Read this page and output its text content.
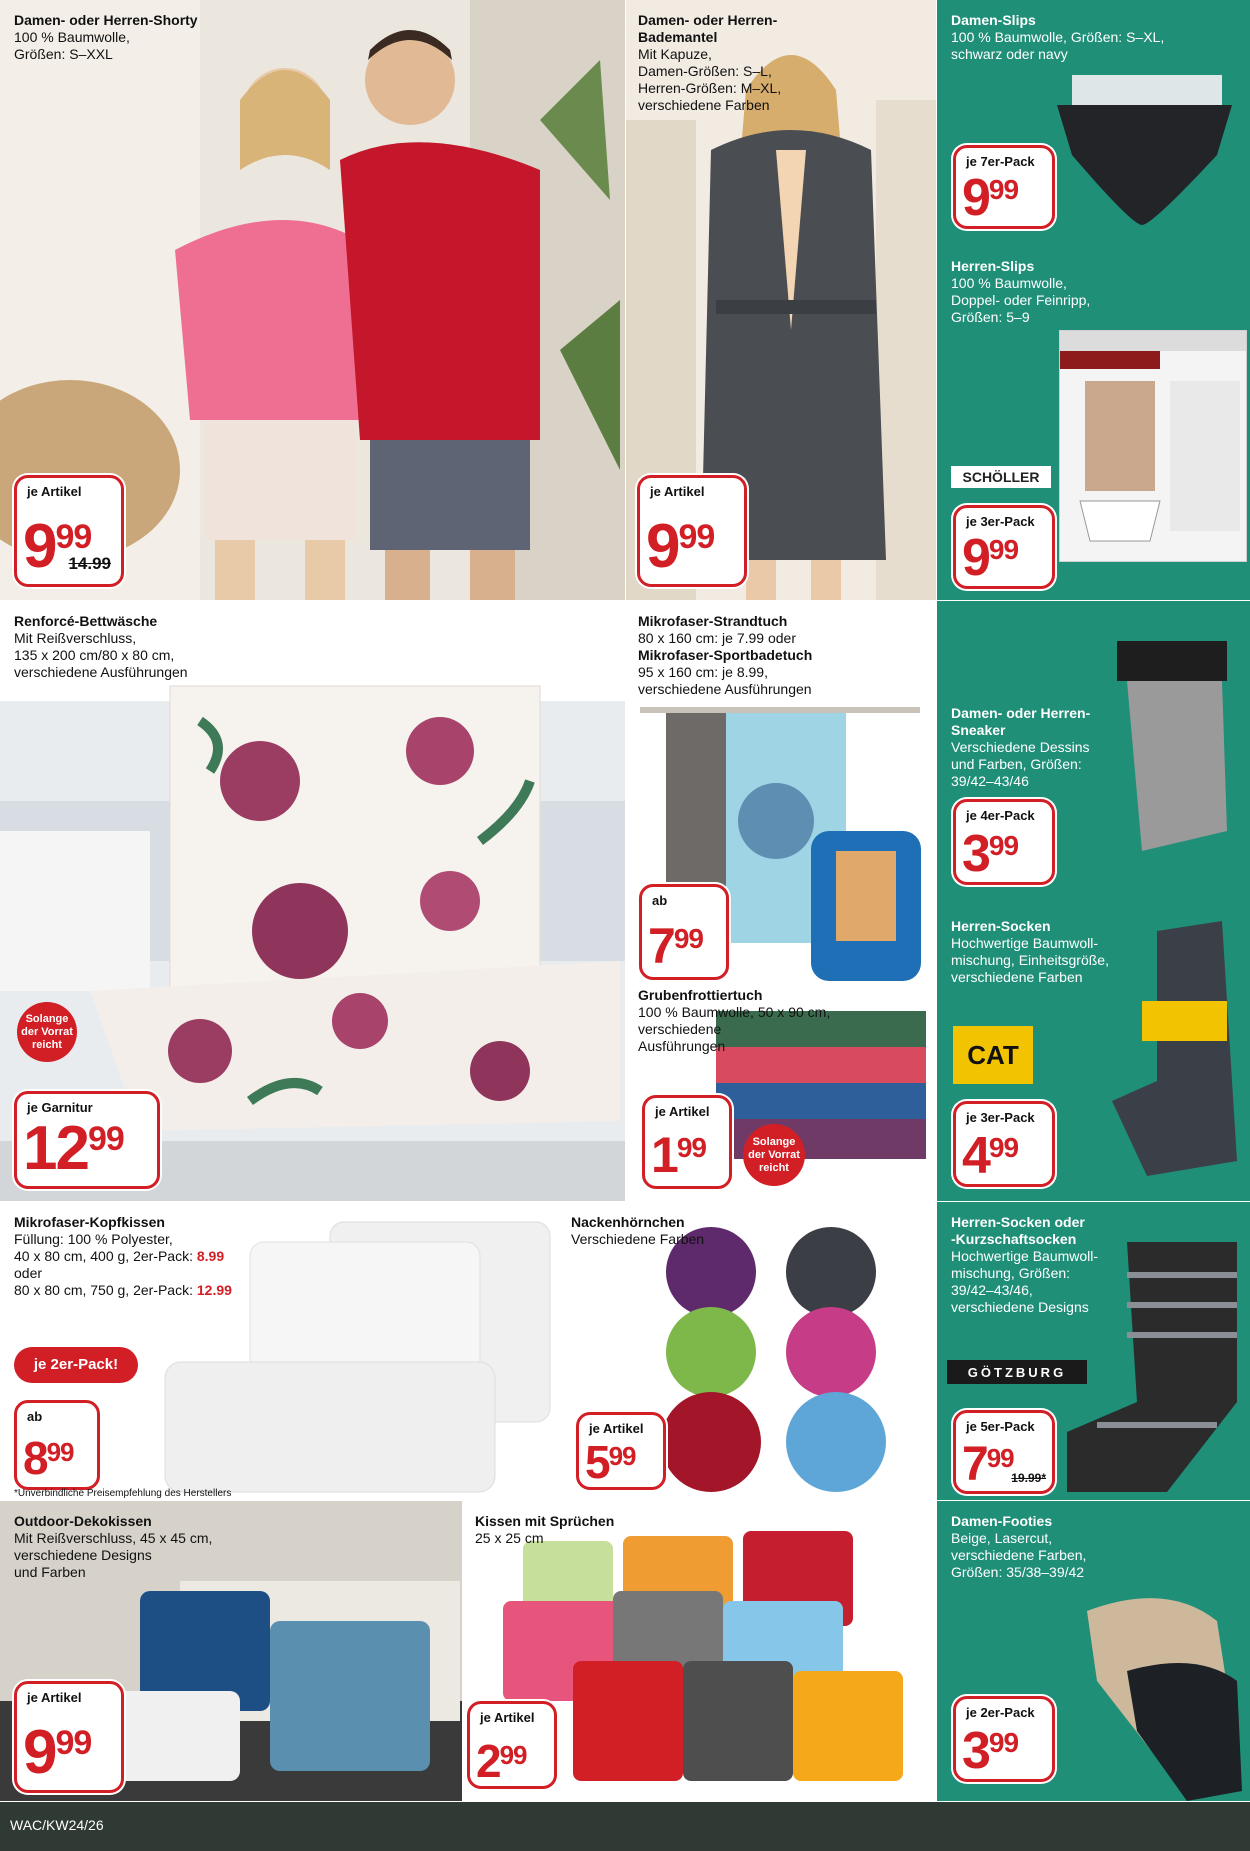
Damen- oder Herren-Shorty
100 % Baumwolle,
Größen: S–XXL
je Artikel
999
14.99
Damen- oder Herren-
Bademantel
Mit Kapuze,
Damen-Größen: S–L,
Herren-Größen: M–XL,
verschiedene Farben
je Artikel
999
Damen-Slips
100 % Baumwolle, Größen: S–XL,
schwarz oder navy
je 7er-Pack
999
Herren-Slips
100 % Baumwolle,
Doppel- oder Feinripp,
Größen: 5–9
SCHÖLLER
je 3er-Pack
999
Renforcé-Bettwäsche
Mit Reißverschluss,
135 x 200 cm/80 x 80 cm,
verschiedene Ausführungen
Solange
der Vorrat
reicht
je Garnitur
1299
Mikrofaser-Strandtuch
80 x 160 cm: je 7.99 oder
Mikrofaser-Sportbadetuch
95 x 160 cm: je 8.99,
verschiedene Ausführungen
ab
799
Grubenfrottiertuch
100 % Baumwolle, 50 x 90 cm,
verschiedene
Ausführungen
je Artikel
199	Solange
der Vorrat
reicht
Damen- oder Herren-
Sneaker
Verschiedene Dessins
und Farben, Größen:
39/42–43/46
je 4er-Pack
399
Herren-Socken
Hochwertige Baumwoll-
mischung, Einheitsgröße,
verschiedene Farben
CAT
je 3er-Pack
499
Mikrofaser-Kopfkissen
Füllung: 100 % Polyester,
40 x 80 cm, 400 g, 2er-Pack: 8.99
oder
80 x 80 cm, 750 g, 2er-Pack: 12.99
je 2er-Pack!
ab
899
*Unverbindliche Preisempfehlung des Herstellers
Nackenhörnchen
Verschiedene Farben
je Artikel
599
Herren-Socken oder
-Kurzschaftsocken
Hochwertige Baumwoll-
mischung, Größen:
39/42–43/46,
verschiedene Designs
GÖTZBURG
je 5er-Pack
799
19.99*
Outdoor-Dekokissen
Mit Reißverschluss, 45 x 45 cm,
verschiedene Designs
und Farben
je Artikel
999
Kissen mit Sprüchen
25 x 25 cm
je Artikel
299
Damen-Footies
Beige, Lasercut,
verschiedene Farben,
Größen: 35/38–39/42
je 2er-Pack
399
WAC/KW24/26
